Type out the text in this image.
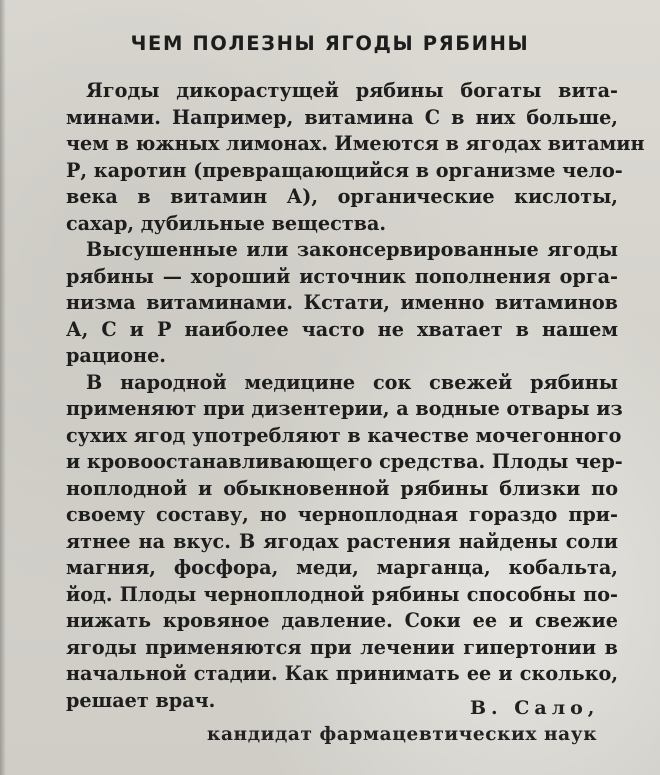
ЧЕМ ПОЛЕЗНЫ ЯГОДЫ РЯБИНЫ
Ягоды дикорастущей рябины богаты вита-
минами. Например, витамина С в них больше,
чем в южных лимонах. Имеются в ягодах витамин
Р, каротин (превращающийся в организме чело-
века в витамин А), органические кислоты,
сахар, дубильные вещества.
Высушенные или законсервированные ягоды
рябины — хороший источник пополнения орга-
низма витаминами. Кстати, именно витаминов
А, С и Р наиболее часто не хватает в нашем
рационе.
В народной медицине сок свежей рябины
применяют при дизентерии, а водные отвары из
сухих ягод употребляют в качестве мочегонного
и кровоостанавливающего средства. Плоды чер-
ноплодной и обыкновенной рябины близки по
своему составу, но черноплодная гораздо при-
ятнее на вкус. В ягодах растения найдены соли
магния, фосфора, меди, марганца, кобальта,
йод. Плоды черноплодной рябины способны по-
нижать кровяное давление. Соки ее и свежие
ягоды применяются при лечении гипертонии в
начальной стадии. Как принимать ее и сколько,
решает врач.	В. Сало,
кандидат фармацевтических наук
